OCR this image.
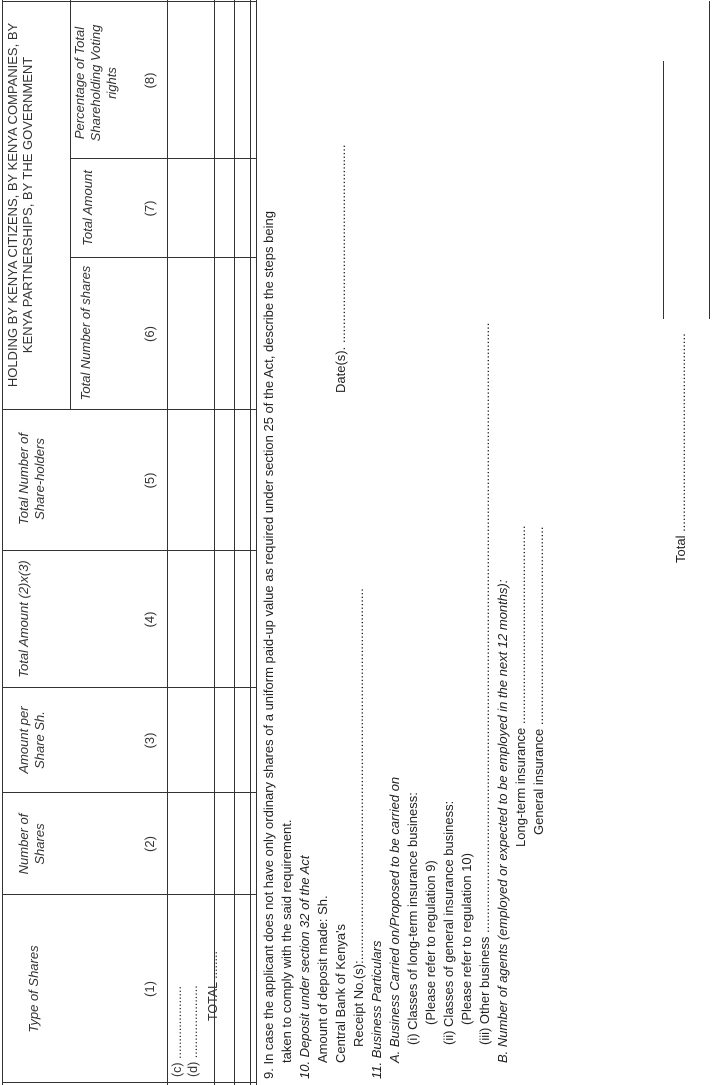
Type of Shares
Number of Shares
Amount per Share Sh.
Total Amount (2)x(3)
Total Number of Share-holders
HOLDING BY KENYA CITIZENS, BY KENYA COMPANIES, BY KENYA PARTNERSHIPS, BY THE GOVERNMENT	Total Number of shares
Total Amount
Percentage of Total Shareholding Voting rights
(1)
(2)
(3)
(4)
(5)
(6)
(7)
(8)
(c) ..................... (d) ..................... TOTAL ........	9. In case the applicant does not have only ordinary shares of a uniform paid-up value as required under section 25 of the Act, describe the steps being taken to comply with the said requirement. 10. Deposit under section 32 of the Act Amount of deposit made: Sh. Central Bank of Kenya's
Date(s). .......................................................
Receipt No.(s):....................................................................................................... 11. Business Particulars A. Business Carried on/Proposed to be carried on (i) Classes of long-term insurance business: (Please refer to regulation 9) (ii) Classes of general insurance business: (Please refer to regulation 10) (iii) Other business ......................................................................................................................................................................... B. Number of agents (employed or expected to be employed in the next 12 months): Long-term insurance ....................................................... General insurance .......................................................
Total .......................................................
